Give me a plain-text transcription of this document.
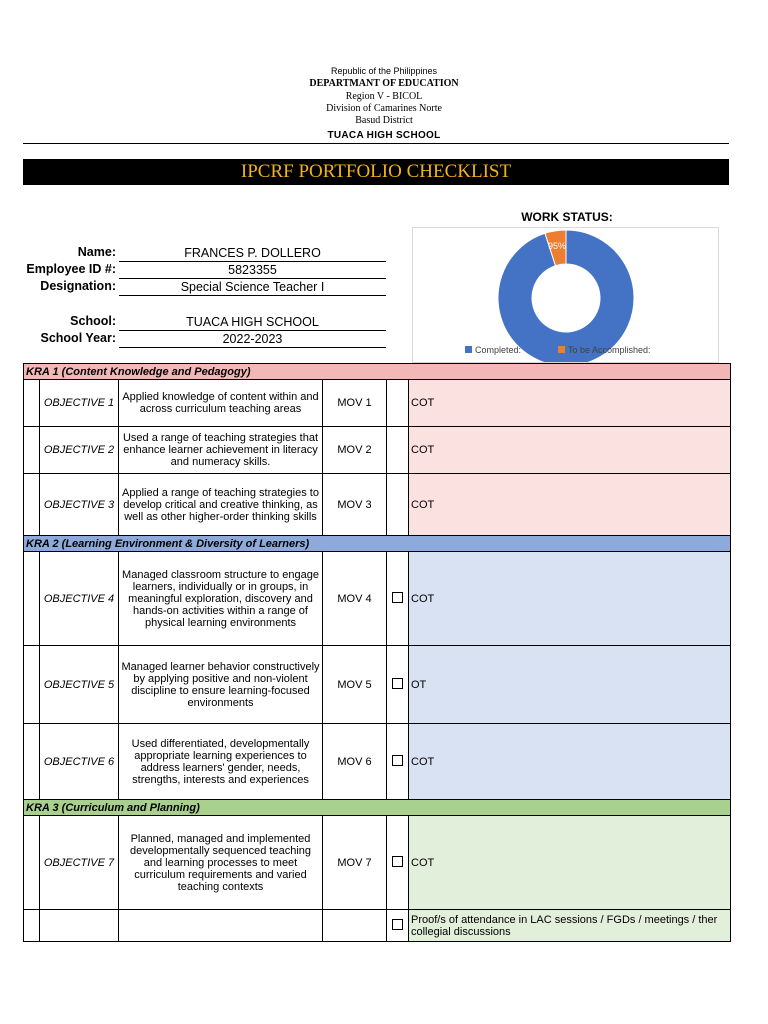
Republic of the Philippines
DEPARTMANT OF EDUCATION
Region V - BICOL
Division of Camarines Norte
Basud District
TUACA HIGH SCHOOL
IPCRF PORTFOLIO CHECKLIST
Name:	FRANCES P. DOLLERO
Employee ID #:	5823355
Designation:	Special Science Teacher I
School:	TUACA HIGH SCHOOL
School Year:	2022-2023
WORK STATUS:
95%
Completed:	To be Accomplished:
KRA 1 (Content Knowledge and Pedagogy)					
	OBJECTIVE 1	Applied knowledge of content within and across curriculum teaching areas	MOV 1		COT
	OBJECTIVE 2	Used a range of teaching strategies that enhance learner achievement in literacy and numeracy skills.	MOV 2		COT
	OBJECTIVE 3	Applied a range of teaching strategies to develop critical and creative thinking, as well as other higher-order thinking skills	MOV 3		COT
KRA 2 (Learning Environment & Diversity of Learners)					
	OBJECTIVE 4	Managed classroom structure to engage learners, individually or in groups, in meaningful exploration, discovery and hands-on activities within a range of physical learning environments	MOV 4		COT
	OBJECTIVE 5	Managed learner behavior constructively by applying positive and non-violent discipline to ensure learning-focused environments	MOV 5		OT
	OBJECTIVE 6	Used differentiated, developmentally appropriate learning experiences to address learners' gender, needs, strengths, interests and experiences	MOV 6		COT
KRA 3 (Curriculum and Planning)					
	OBJECTIVE 7	Planned, managed and implemented developmentally sequenced teaching and learning processes to meet curriculum requirements and varied teaching contexts	MOV 7		COT
					Proof/s of attendance in LAC sessions / FGDs / meetings / ther collegial discussions
